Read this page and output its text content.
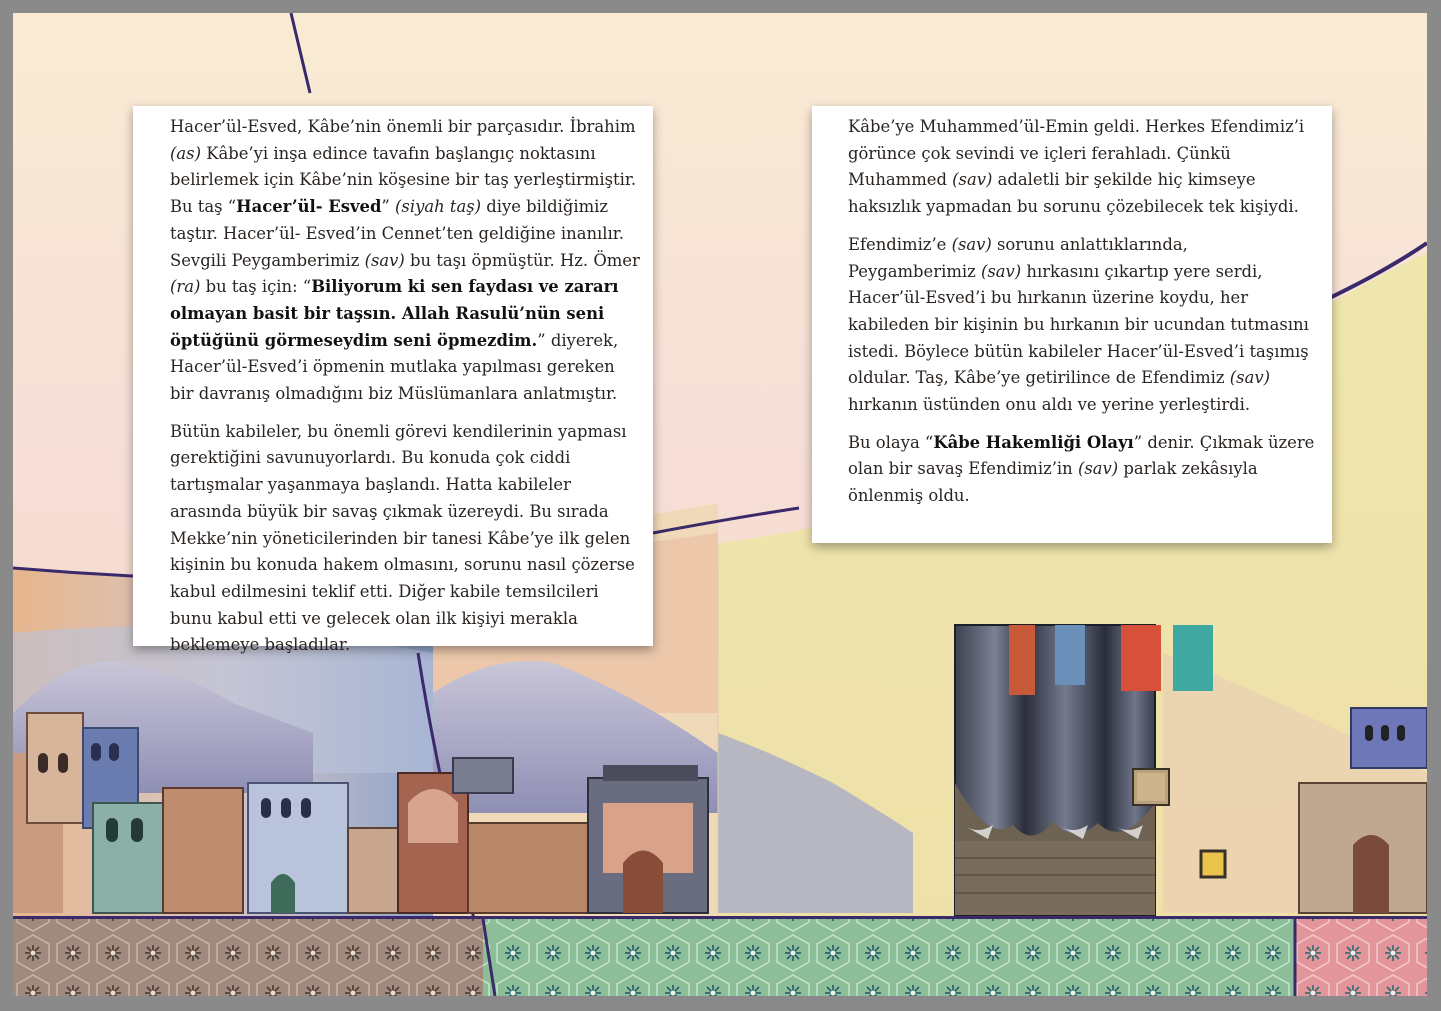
Hacer’ül-Esved, Kâbe’nin önemli bir parçasıdır. İbrahim (as) Kâbe’yi inşa edince tavafın başlangıç noktasını belirlemek için Kâbe’nin köşesine bir taş yerleştirmiştir. Bu taş “Hacer’ül- Esved” (siyah taş) diye bildiğimiz taştır. Hacer’ül- Esved’in Cennet’ten geldiğine inanılır. Sevgili Peygamberimiz (sav) bu taşı öpmüştür. Hz. Ömer (ra) bu taş için: “Biliyorum ki sen faydası ve zararı olmayan basit bir taşsın. Allah Rasulü’nün seni öptüğünü görmeseydim seni öpmezdim.” diyerek, Hacer’ül-Esved’i öpmenin mutlaka yapılması gereken bir davranış olmadığını biz Müslümanlara anlatmıştır.

Bütün kabileler, bu önemli görevi kendilerinin yapması gerektiğini savunuyorlardı. Bu konuda çok ciddi tartışmalar yaşanmaya başlandı. Hatta kabileler arasında büyük bir savaş çıkmak üzereydi. Bu sırada Mekke’nin yöneticilerinden bir tanesi Kâbe’ye ilk gelen kişinin bu konuda hakem olmasını, sorunu nasıl çözerse kabul edilmesini teklif etti. Diğer kabile temsilcileri bunu kabul etti ve gelecek olan ilk kişiyi merakla beklemeye başladılar.

Kâbe’ye Muhammed’ül-Emin geldi. Herkes Efendimiz’i görünce çok sevindi ve içleri ferahladı. Çünkü Muhammed (sav) adaletli bir şekilde hiç kimseye haksızlık yapmadan bu sorunu çözebilecek tek kişiydi.

Efendimiz’e (sav) sorunu anlattıklarında, Peygamberimiz (sav) hırkasını çıkartıp yere serdi, Hacer’ül-Esved’i bu hırkanın üzerine koydu, her kabileden bir kişinin bu hırkanın bir ucundan tutmasını istedi. Böylece bütün kabileler Hacer’ül-Esved’i taşımış oldular. Taş, Kâbe’ye getirilince de Efendimiz (sav) hırkanın üstünden onu aldı ve yerine yerleştirdi.

Bu olaya “Kâbe Hakemliği Olayı” denir. Çıkmak üzere olan bir savaş Efendimiz’in (sav) parlak zekâsıyla önlenmiş oldu.
